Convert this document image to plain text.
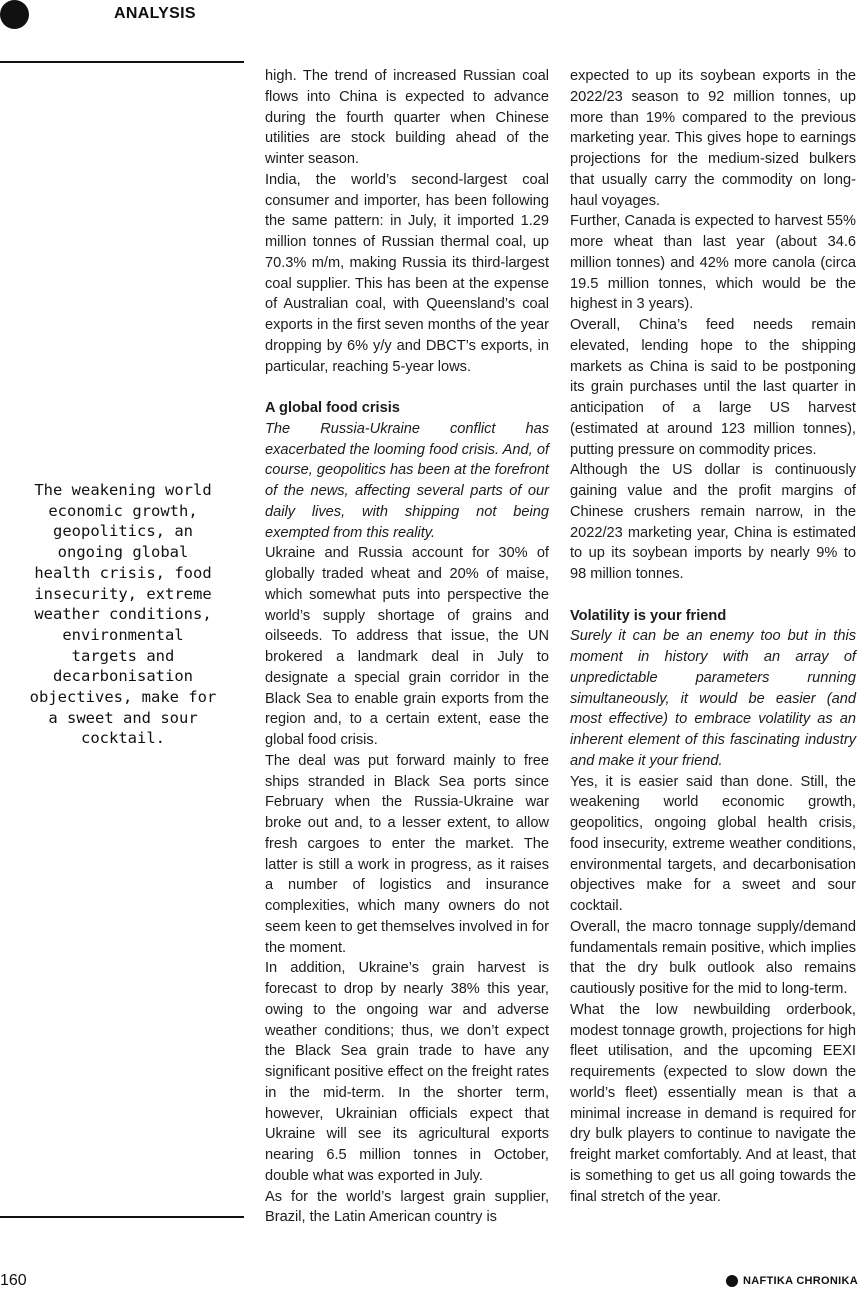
ANALYSIS
The weakening world economic growth, geopolitics, an ongoing global health crisis, food insecurity, extreme weather conditions, environmental targets and decarbonisation objectives, make for a sweet and sour cocktail.

high. The trend of increased Russian coal flows into China is expected to advance during the fourth quarter when Chinese utilities are stock building ahead of the winter season.

India, the world’s second-largest coal consumer and importer, has been following the same pattern: in July, it imported 1.29 million tonnes of Russian thermal coal, up 70.3% m/m, making Russia its third-largest coal supplier. This has been at the expense of Australian coal, with Queensland’s coal exports in the first seven months of the year dropping by 6% y/y and DBCT’s exports, in particular, reaching 5-year lows.

A global food crisis

The Russia-Ukraine conflict has exacerbated the looming food crisis. And, of course, geopolitics has been at the forefront of the news, affecting several parts of our daily lives, with shipping not being exempted from this reality.

Ukraine and Russia account for 30% of globally traded wheat and 20% of maise, which somewhat puts into perspective the world’s supply shortage of grains and oilseeds. To address that issue, the UN brokered a landmark deal in July to designate a special grain corridor in the Black Sea to enable grain exports from the region and, to a certain extent, ease the global food crisis.

The deal was put forward mainly to free ships stranded in Black Sea ports since February when the Russia-Ukraine war broke out and, to a lesser extent, to allow fresh cargoes to enter the market. The latter is still a work in progress, as it raises a number of logistics and insurance complexities, which many owners do not seem keen to get themselves involved in for the moment.

In addition, Ukraine’s grain harvest is forecast to drop by nearly 38% this year, owing to the ongoing war and adverse weather conditions; thus, we don’t expect the Black Sea grain trade to have any significant positive effect on the freight rates in the mid-term. In the shorter term, however, Ukrainian officials expect that Ukraine will see its agricultural exports nearing 6.5 million tonnes in October, double what was exported in July.

As for the world’s largest grain supplier, Brazil, the Latin American country is

expected to up its soybean exports in the 2022/23 season to 92 million tonnes, up more than 19% compared to the previous marketing year. This gives hope to earnings projections for the medium-sized bulkers that usually carry the commodity on long-haul voyages.

Further, Canada is expected to harvest 55% more wheat than last year (about 34.6 million tonnes) and 42% more canola (circa 19.5 million tonnes, which would be the highest in 3 years).

Overall, China’s feed needs remain elevated, lending hope to the shipping markets as China is said to be postponing its grain purchases until the last quarter in anticipation of a large US harvest (estimated at around 123 million tonnes), putting pressure on commodity prices.

Although the US dollar is continuously gaining value and the profit margins of Chinese crushers remain narrow, in the 2022/23 marketing year, China is estimated to up its soybean imports by nearly 9% to 98 million tonnes.

Volatility is your friend

Surely it can be an enemy too but in this moment in history with an array of unpredictable parameters running simultaneously, it would be easier (and most effective) to embrace volatility as an inherent element of this fascinating industry and make it your friend.

Yes, it is easier said than done. Still, the weakening world economic growth, geopolitics, ongoing global health crisis, food insecurity, extreme weather conditions, environmental targets, and decarbonisation objectives make for a sweet and sour cocktail.

Overall, the macro tonnage supply/demand fundamentals remain positive, which implies that the dry bulk outlook also remains cautiously positive for the mid to long-term.

What the low newbuilding orderbook, modest tonnage growth, projections for high fleet utilisation, and the upcoming EEXI requirements (expected to slow down the world’s fleet) essentially mean is that a minimal increase in demand is required for dry bulk players to continue to navigate the freight market comfortably. And at least, that is something to get us all going towards the final stretch of the year.

160	NAFTIKA CHRONIKA
